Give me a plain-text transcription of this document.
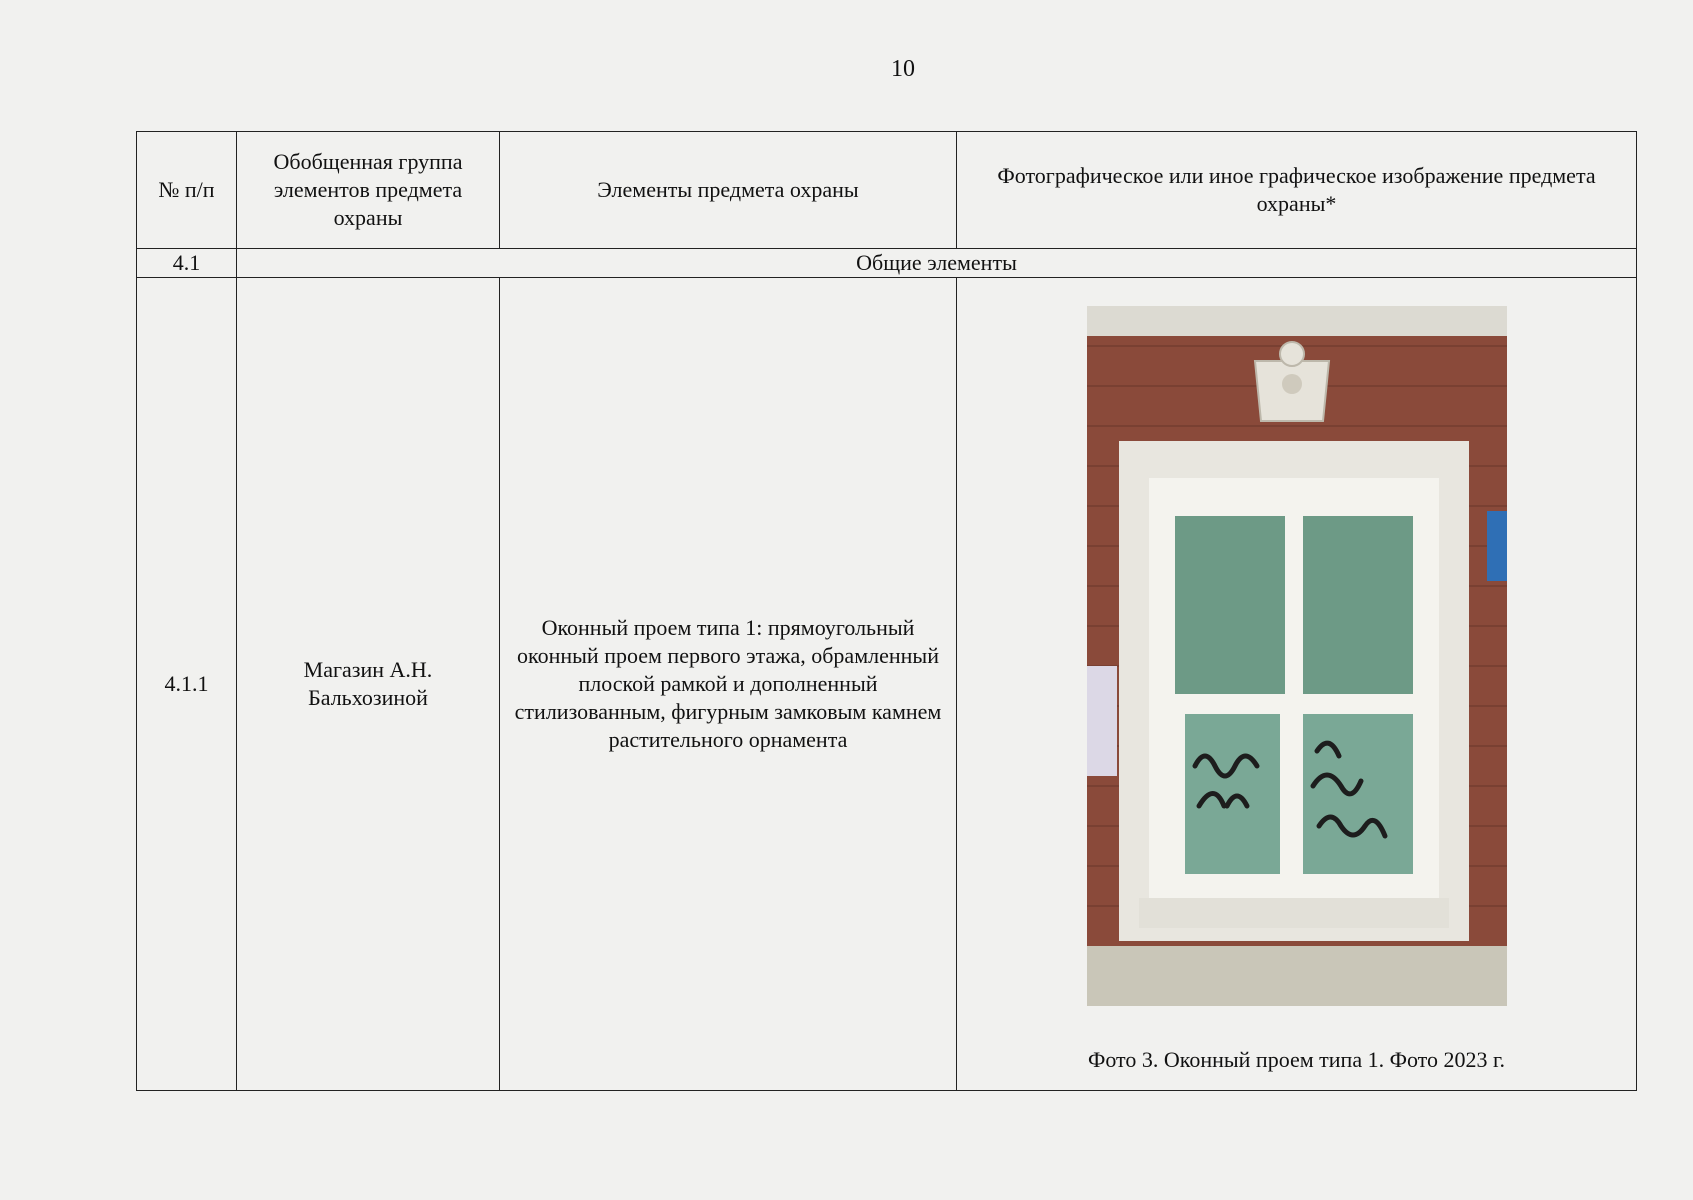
10
№ п/п	Обобщенная группа элементов предмета охраны	Элементы предмета охраны	Фотографическое или иное графическое изображение предмета охраны*
4.1	Общие элементы		
4.1.1	Магазин А.Н. Бальхозиной	Оконный проем типа 1: прямоугольный оконный проем первого этажа, обрамленный плоской рамкой и дополненный стилизованным, фигурным замковым камнем растительного орнамента	Фото 3. Оконный проем типа 1. Фото 2023 г.
